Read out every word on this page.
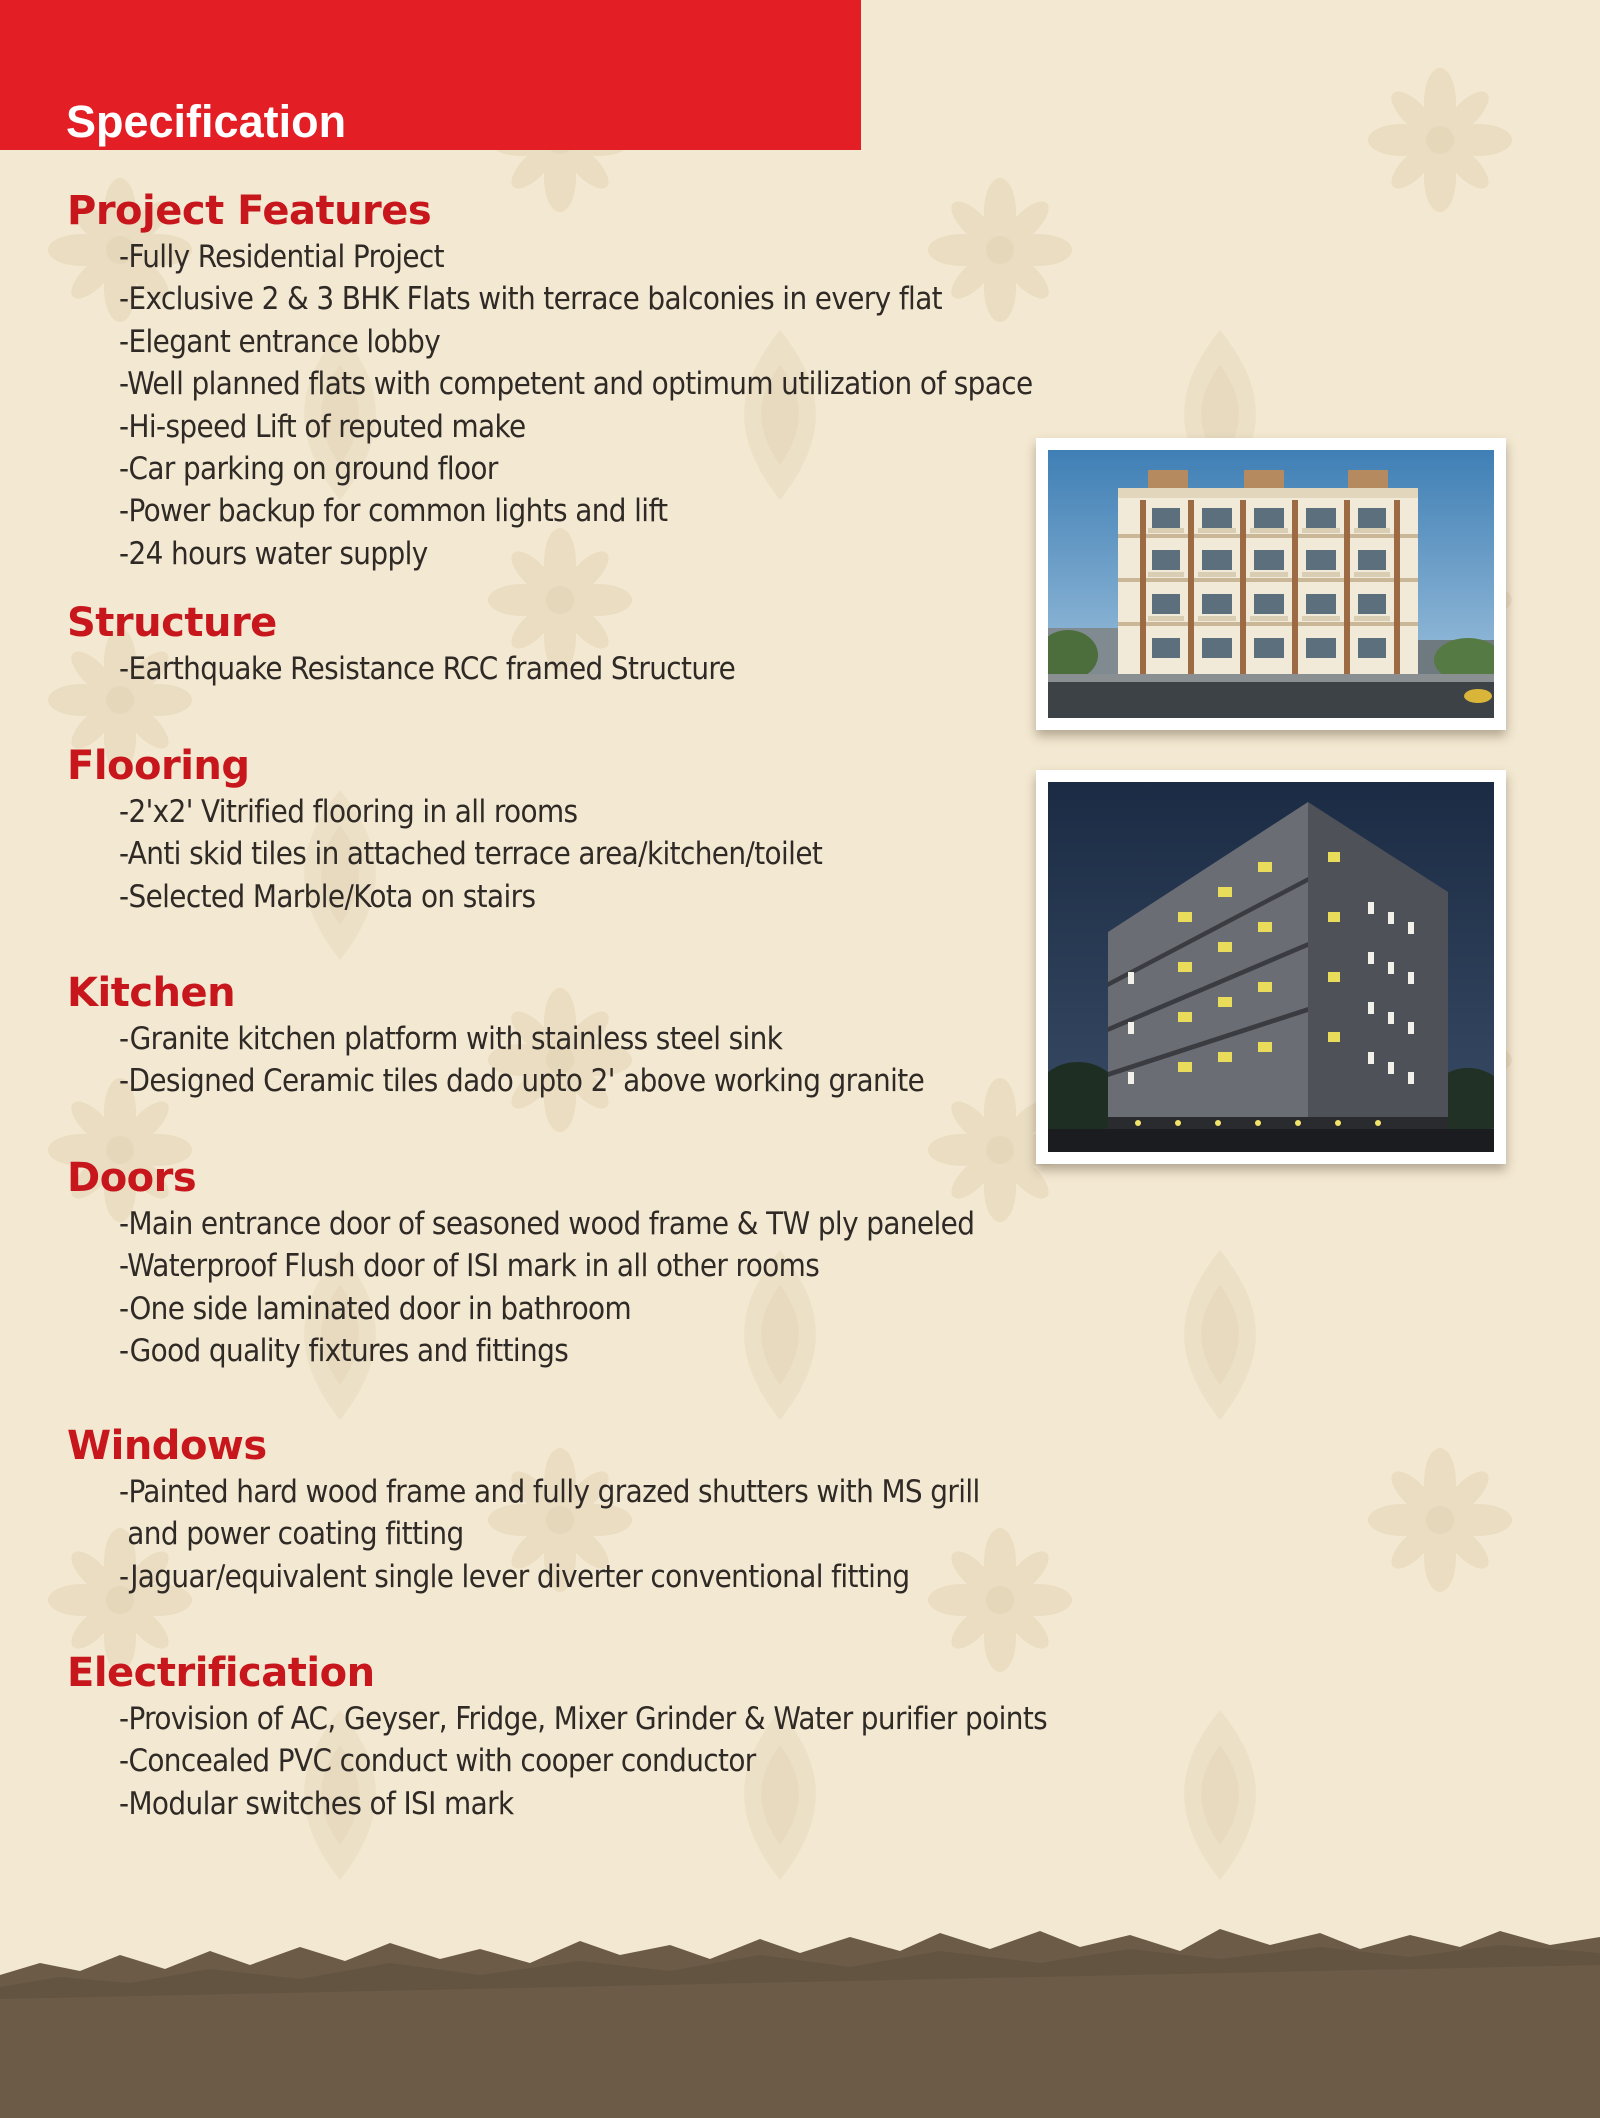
Specification
Project Features
-Fully Residential Project
-Exclusive 2 & 3 BHK Flats with terrace balconies in every flat
-Elegant entrance lobby
-Well planned flats with competent and optimum utilization of space
-Hi-speed Lift of reputed make
-Car parking on ground floor
-Power backup for common lights and lift
-24 hours water supply
Structure
-Earthquake Resistance RCC framed Structure
Flooring
-2'x2' Vitrified flooring in all rooms
-Anti skid tiles in attached terrace area/kitchen/toilet
-Selected Marble/Kota on stairs
Kitchen
-Granite kitchen platform with stainless steel sink
-Designed Ceramic tiles dado upto 2' above working granite
Doors
-Main entrance door of seasoned wood frame & TW ply paneled
-Waterproof Flush door of ISI mark in all other rooms
-One side laminated door in bathroom
-Good quality fixtures and fittings
Windows
-Painted hard wood frame and fully grazed shutters with MS grill
and power coating fitting
-Jaguar/equivalent single lever diverter conventional fitting
Electrification
-Provision of AC, Geyser, Fridge, Mixer Grinder & Water purifier points
-Concealed PVC conduct with cooper conductor
-Modular switches of ISI mark
